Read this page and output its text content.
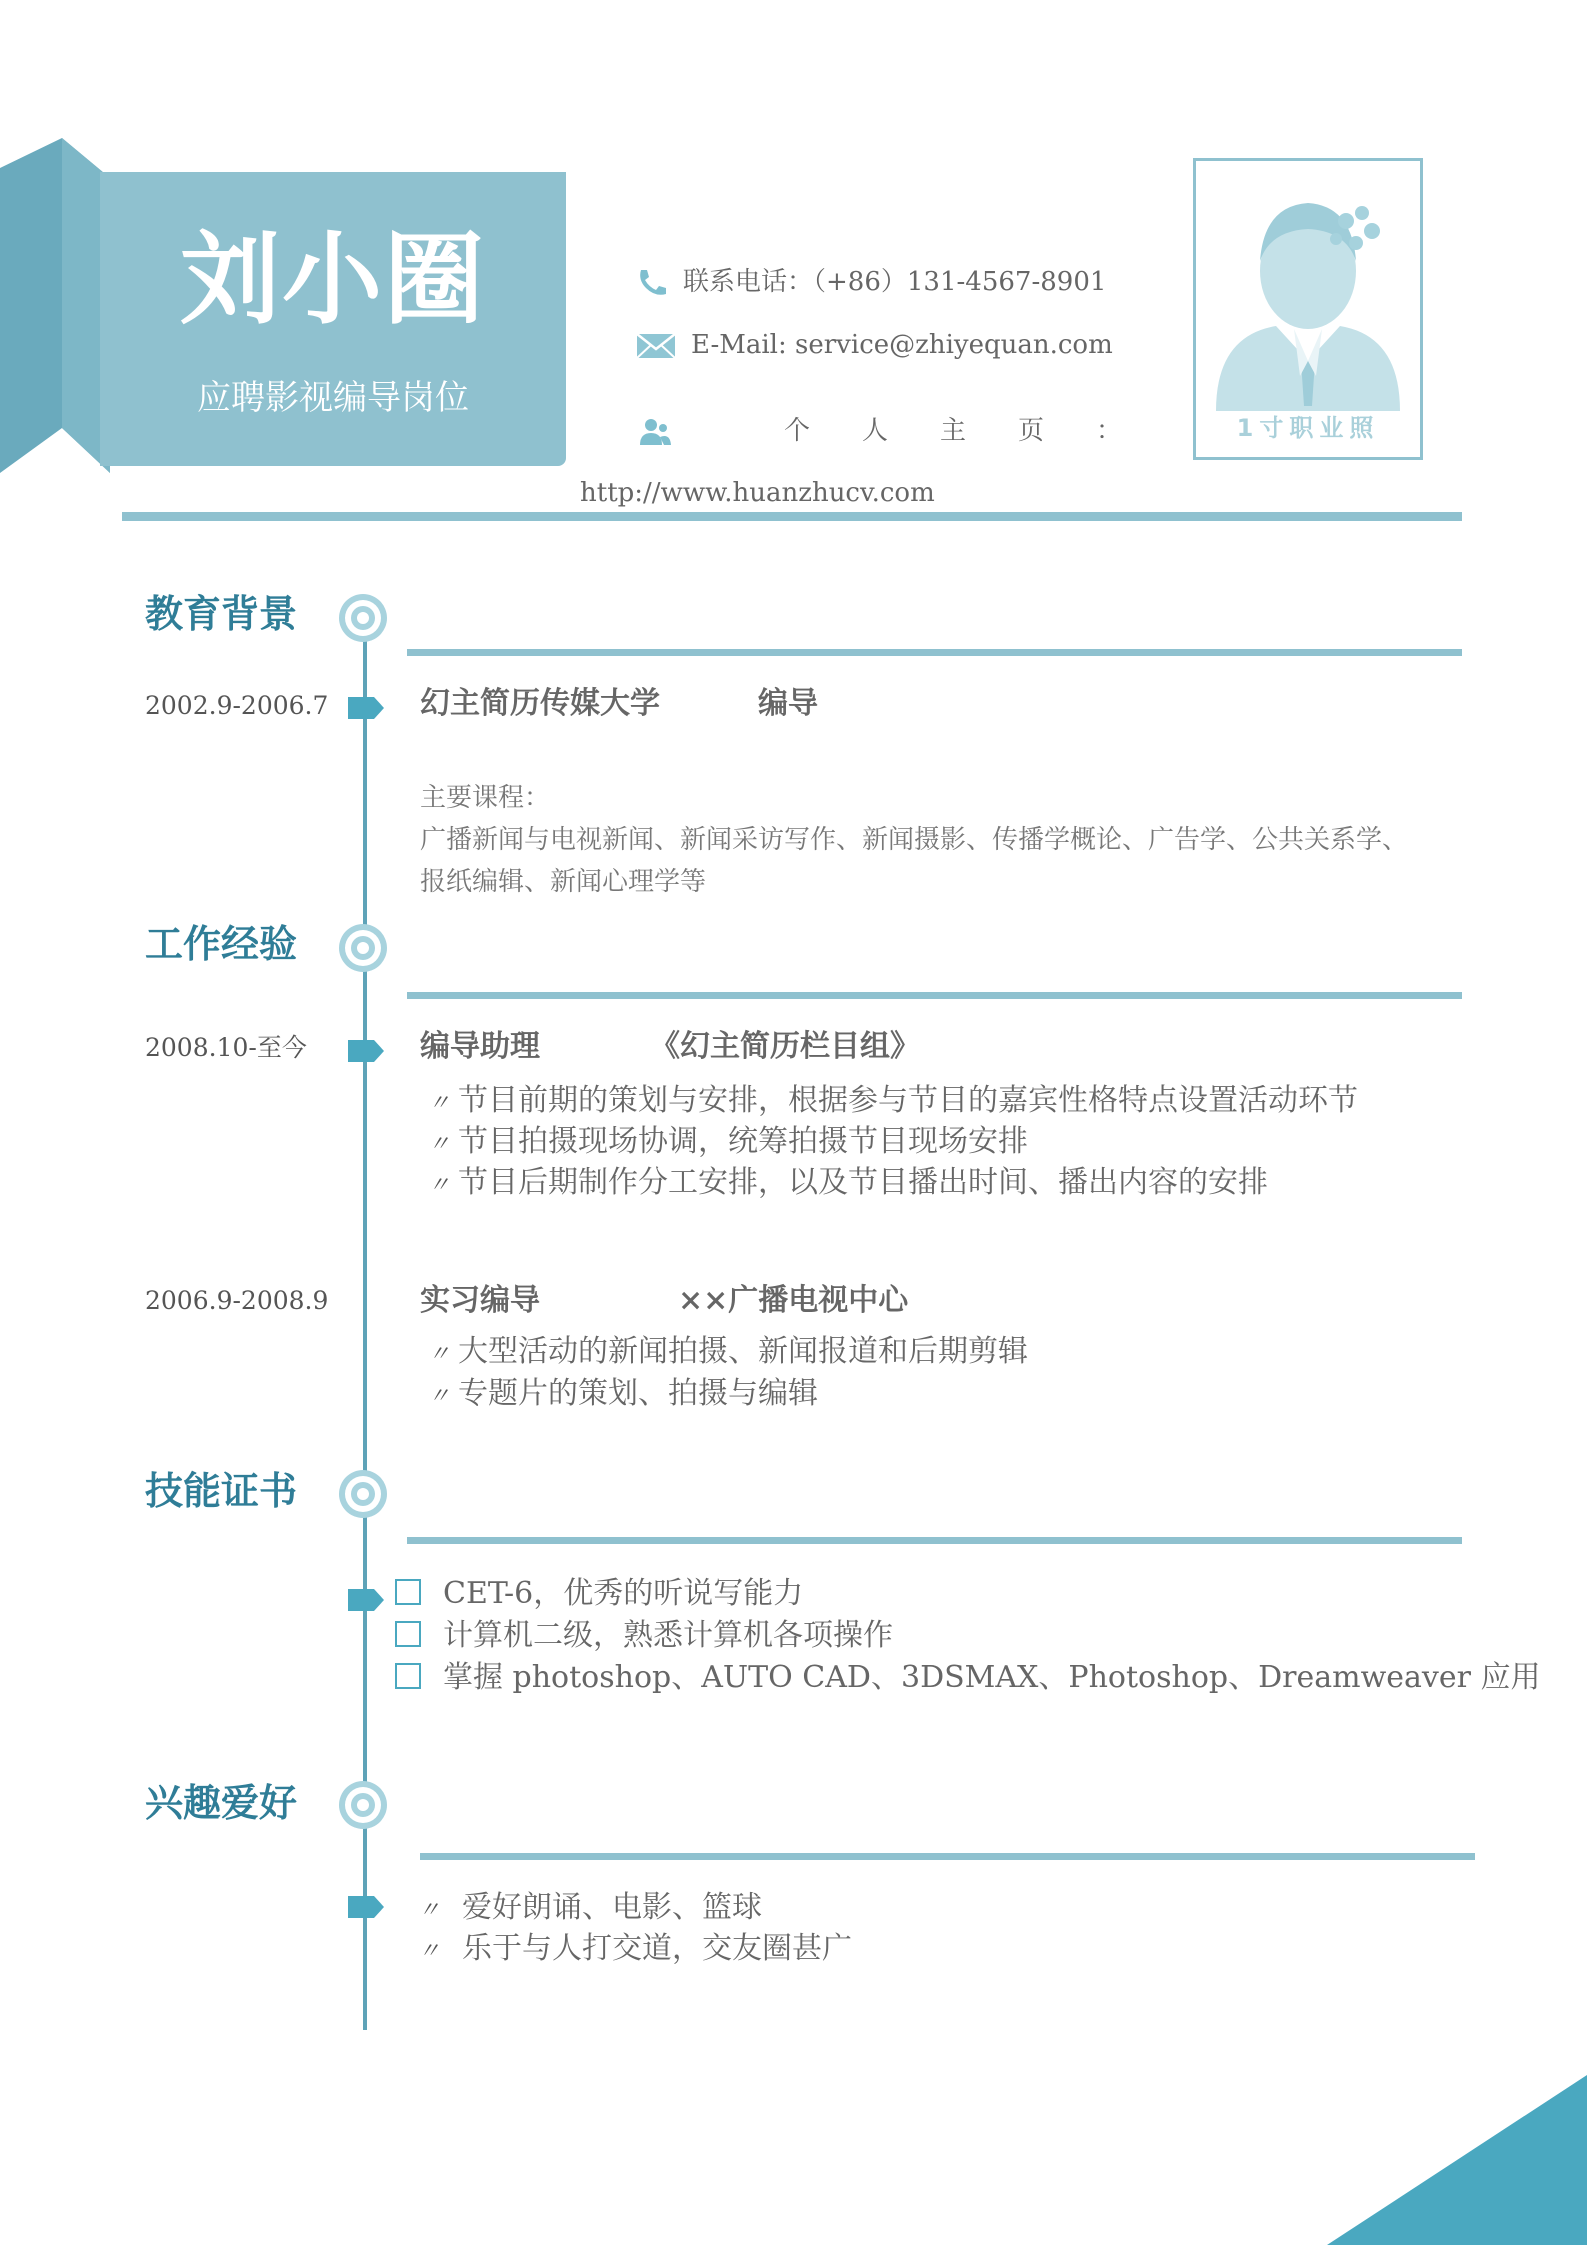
刘小圈
应聘影视编导岗位
联系电话：（+86）131-4567-8901
E-Mail: service@zhiyequan.com
个　　人　　主　　页　　：
http://www.huanzhucv.com
1寸职业照
教育背景
2002.9-2006.7	幻主简历传媒大学	编导
主要课程：
广播新闻与电视新闻、新闻采访写作、新闻摄影、传播学概论、广告学、公共关系学、
报纸编辑、新闻心理学等
工作经验
2008.10-至今	编导助理	《幻主简历栏目组》
〃 节目前期的策划与安排，根据参与节目的嘉宾性格特点设置活动环节
〃 节目拍摄现场协调，统筹拍摄节目现场安排
〃 节目后期制作分工安排，以及节目播出时间、播出内容的安排
2006.9-2008.9	实习编导	××广播电视中心
〃 大型活动的新闻拍摄、新闻报道和后期剪辑
〃 专题片的策划、拍摄与编辑
技能证书
CET-6，优秀的听说写能力
计算机二级，熟悉计算机各项操作
掌握 photoshop、AUTO CAD、3DSMAX、Photoshop、Dreamweaver 应用
兴趣爱好
〃 爱好朗诵、电影、篮球
〃 乐于与人打交道，交友圈甚广
